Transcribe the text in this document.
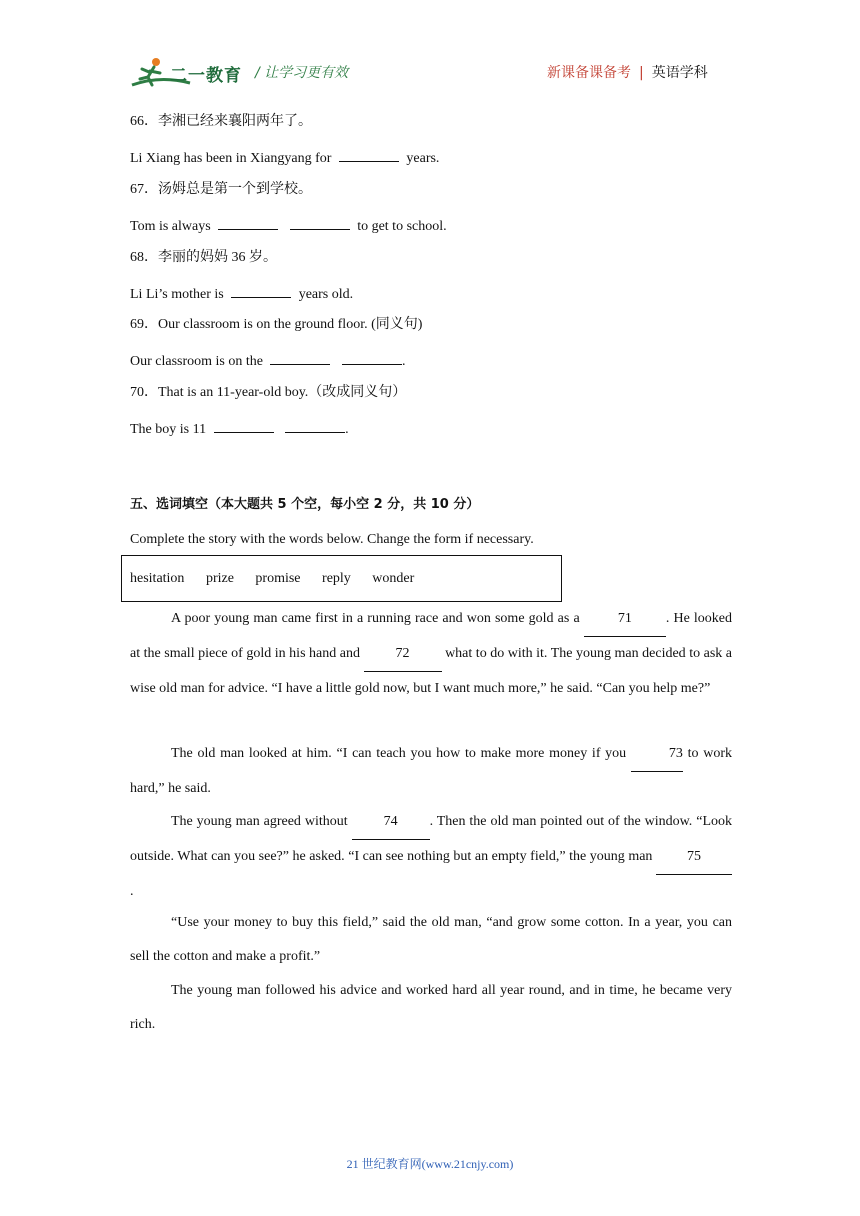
二一教育 / 让学习更有效	新课备课备考 | 英语学科
66．李湘已经来襄阳两年了。
Li Xiang has been in Xiangyang for	years.
67．汤姆总是第一个到学校。
Tom is always	to get to school.
68．李丽的妈妈 36 岁。
Li Li’s mother is	years old.
69．Our classroom is on the ground floor. (同义句)
Our classroom is on the	.
70．That is an 11-year-old boy.（改成同义句）
The boy is 11	.
五、选词填空（本大题共 5 个空，每小空 2 分，共 10 分）
Complete the story with the words below. Change the form if necessary.
hesitation prize promise reply wonder
A poor young man came first in a running race and won some gold as a	71 . He looked at the small piece of gold in his hand and	72	what to do with it. The young man decided to ask a wise old man for advice. “I have a little gold now, but I want much more,” he said. “Can you help me?”
The old man looked at him. “I can teach you how to make more money if you	73 to work hard,” he said.
The young man agreed without	74 . Then the old man pointed out of the window. “Look outside. What can you see?” he asked. “I can see nothing but an empty field,” the young man 75.
“Use your money to buy this field,” said the old man, “and grow some cotton. In a year, you can sell the cotton and make a profit.”
The young man followed his advice and worked hard all year round, and in time, he became very rich.
21 世纪教育网(www.21cnjy.com)
